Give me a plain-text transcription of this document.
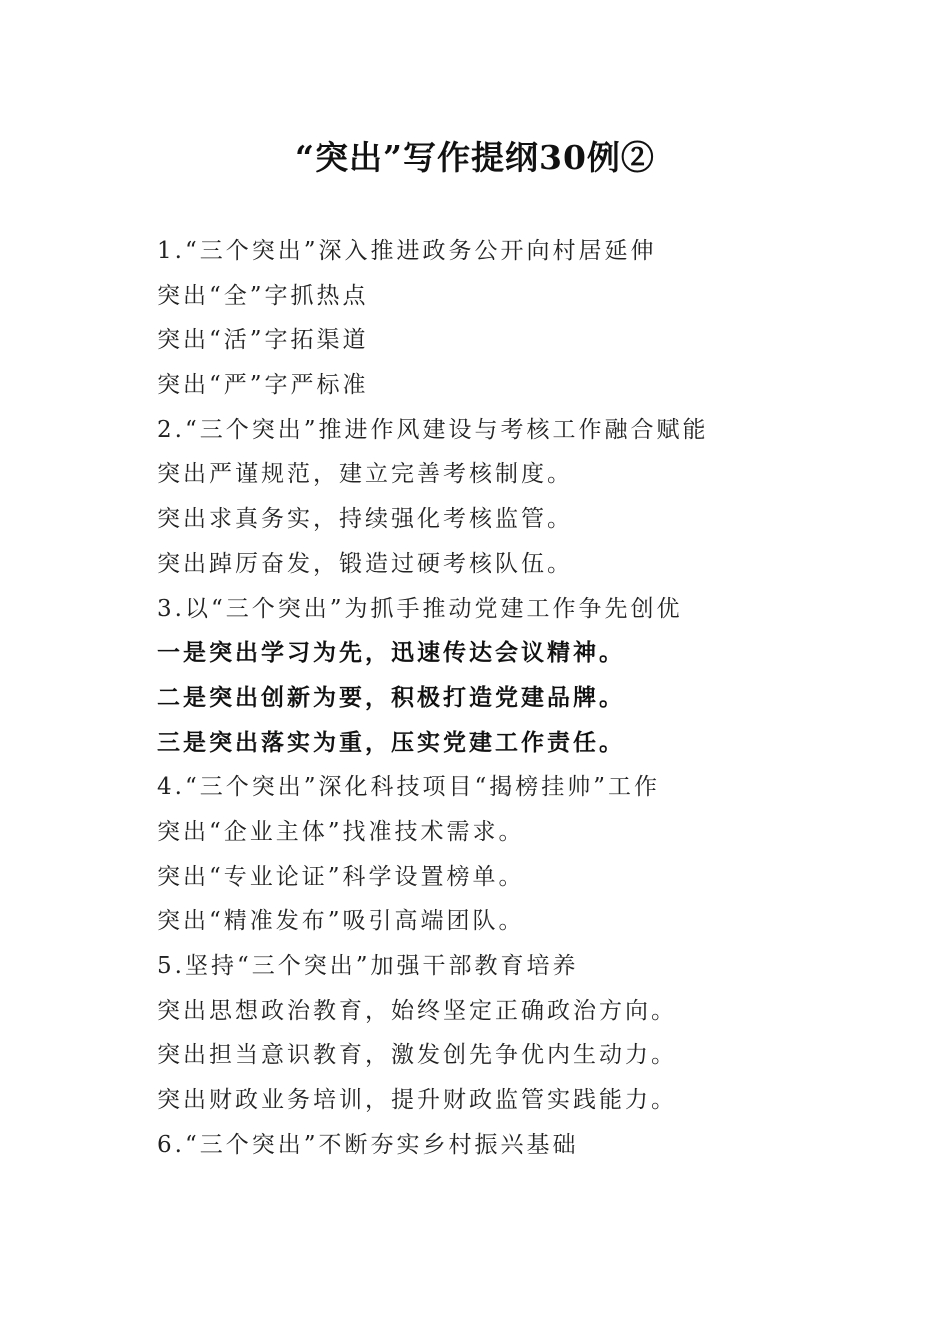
“突出”写作提纲30例②
1.“三个突出”深入推进政务公开向村居延伸
突出“全”字抓热点
突出“活”字拓渠道
突出“严”字严标准
2.“三个突出”推进作风建设与考核工作融合赋能
突出严谨规范，建立完善考核制度。
突出求真务实，持续强化考核监管。
突出踔厉奋发，锻造过硬考核队伍。
3.以“三个突出”为抓手推动党建工作争先创优
一是突出学习为先，迅速传达会议精神。
二是突出创新为要，积极打造党建品牌。
三是突出落实为重，压实党建工作责任。
4.“三个突出”深化科技项目“揭榜挂帅”工作
突出“企业主体”找准技术需求。
突出“专业论证”科学设置榜单。
突出“精准发布”吸引高端团队。
5.坚持“三个突出”加强干部教育培养
突出思想政治教育，始终坚定正确政治方向。
突出担当意识教育，激发创先争优内生动力。
突出财政业务培训，提升财政监管实践能力。
6.“三个突出”不断夯实乡村振兴基础
